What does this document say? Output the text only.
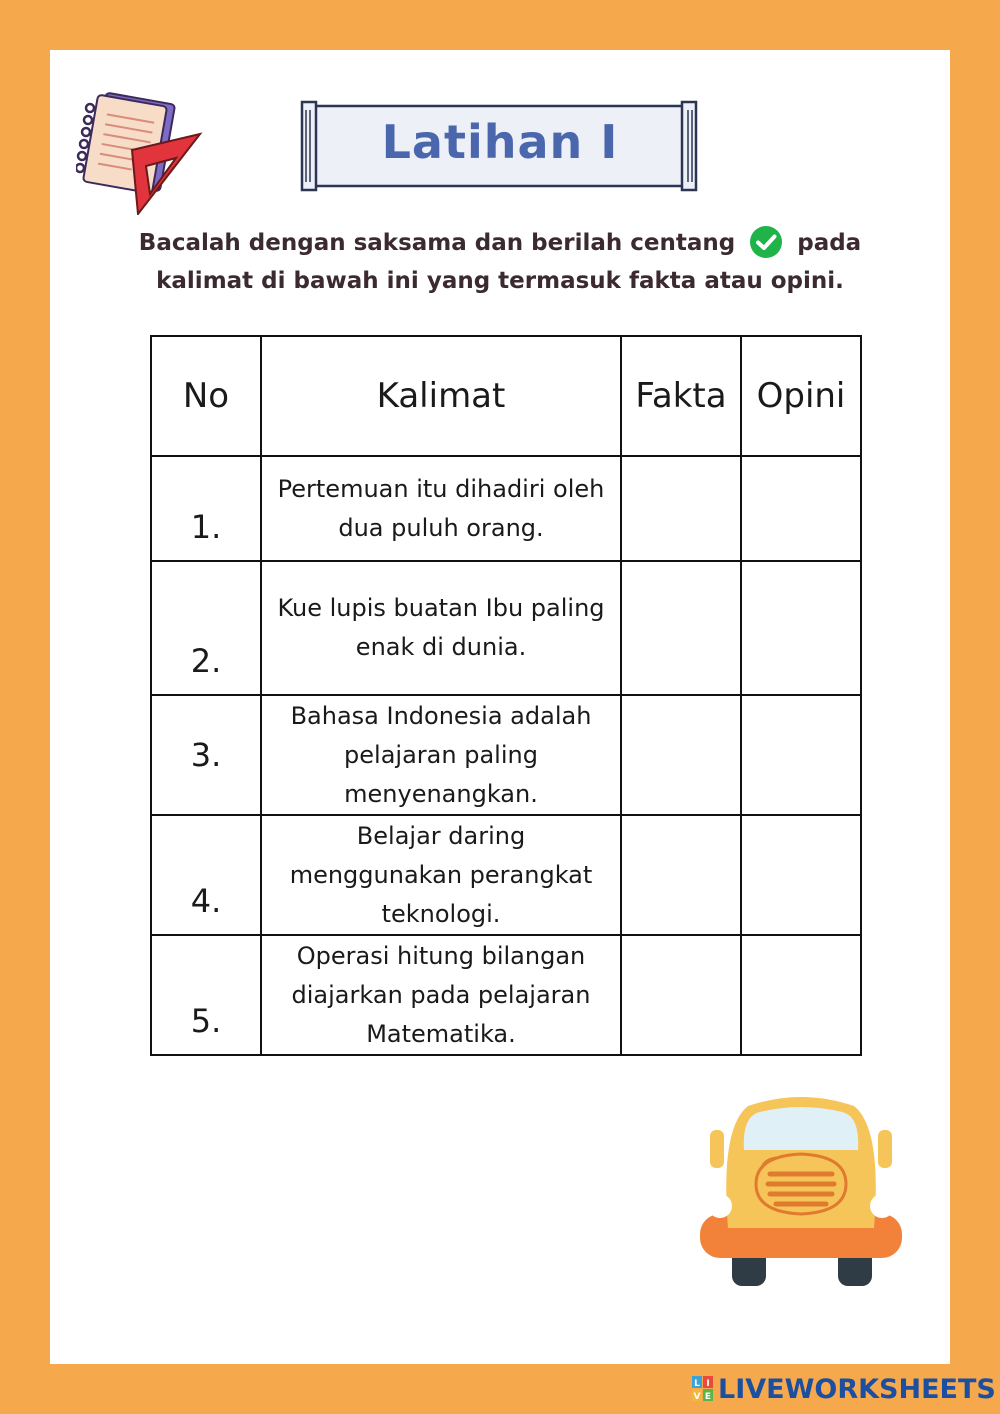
Latihan I
Bacalah dengan saksama dan berilah centang	pada kalimat di bawah ini yang termasuk fakta atau opini.
No	Kalimat	Fakta	Opini
1.	Pertemuan itu dihadiri oleh dua puluh orang.		
2.	Kue lupis buatan Ibu paling enak di dunia.		
3.	Bahasa Indonesia adalah pelajaran paling menyenangkan.		
4.	Belajar daring menggunakan perangkat teknologi.		
5.	Operasi hitung bilangan diajarkan pada pelajaran Matematika.		
L I
V E LIVEWORKSHEETS
